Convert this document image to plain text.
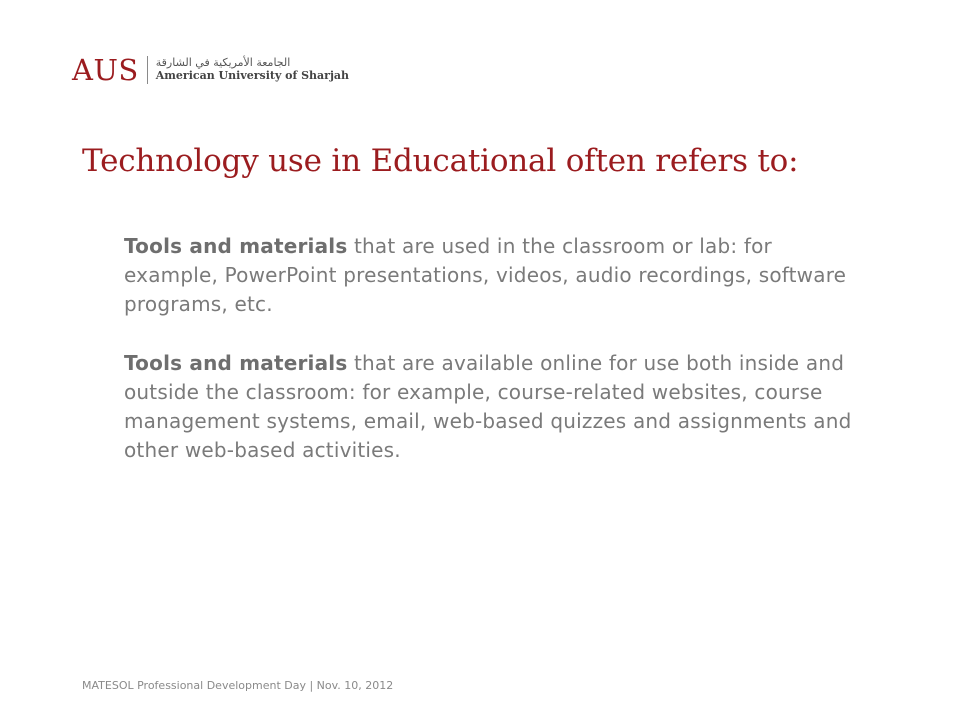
AUS الجامعة الأمريكية في الشارقة
American University of Sharjah
Technology use in Educational often refers to:

Tools and materials that are used in the classroom or lab: for example, PowerPoint presentations, videos, audio recordings, software programs, etc.

Tools and materials that are available online for use both inside and outside the classroom: for example, course-related websites, course management systems, email, web-based quizzes and assignments and other web-based activities.

MATESOL Professional Development Day | Nov. 10, 2012
